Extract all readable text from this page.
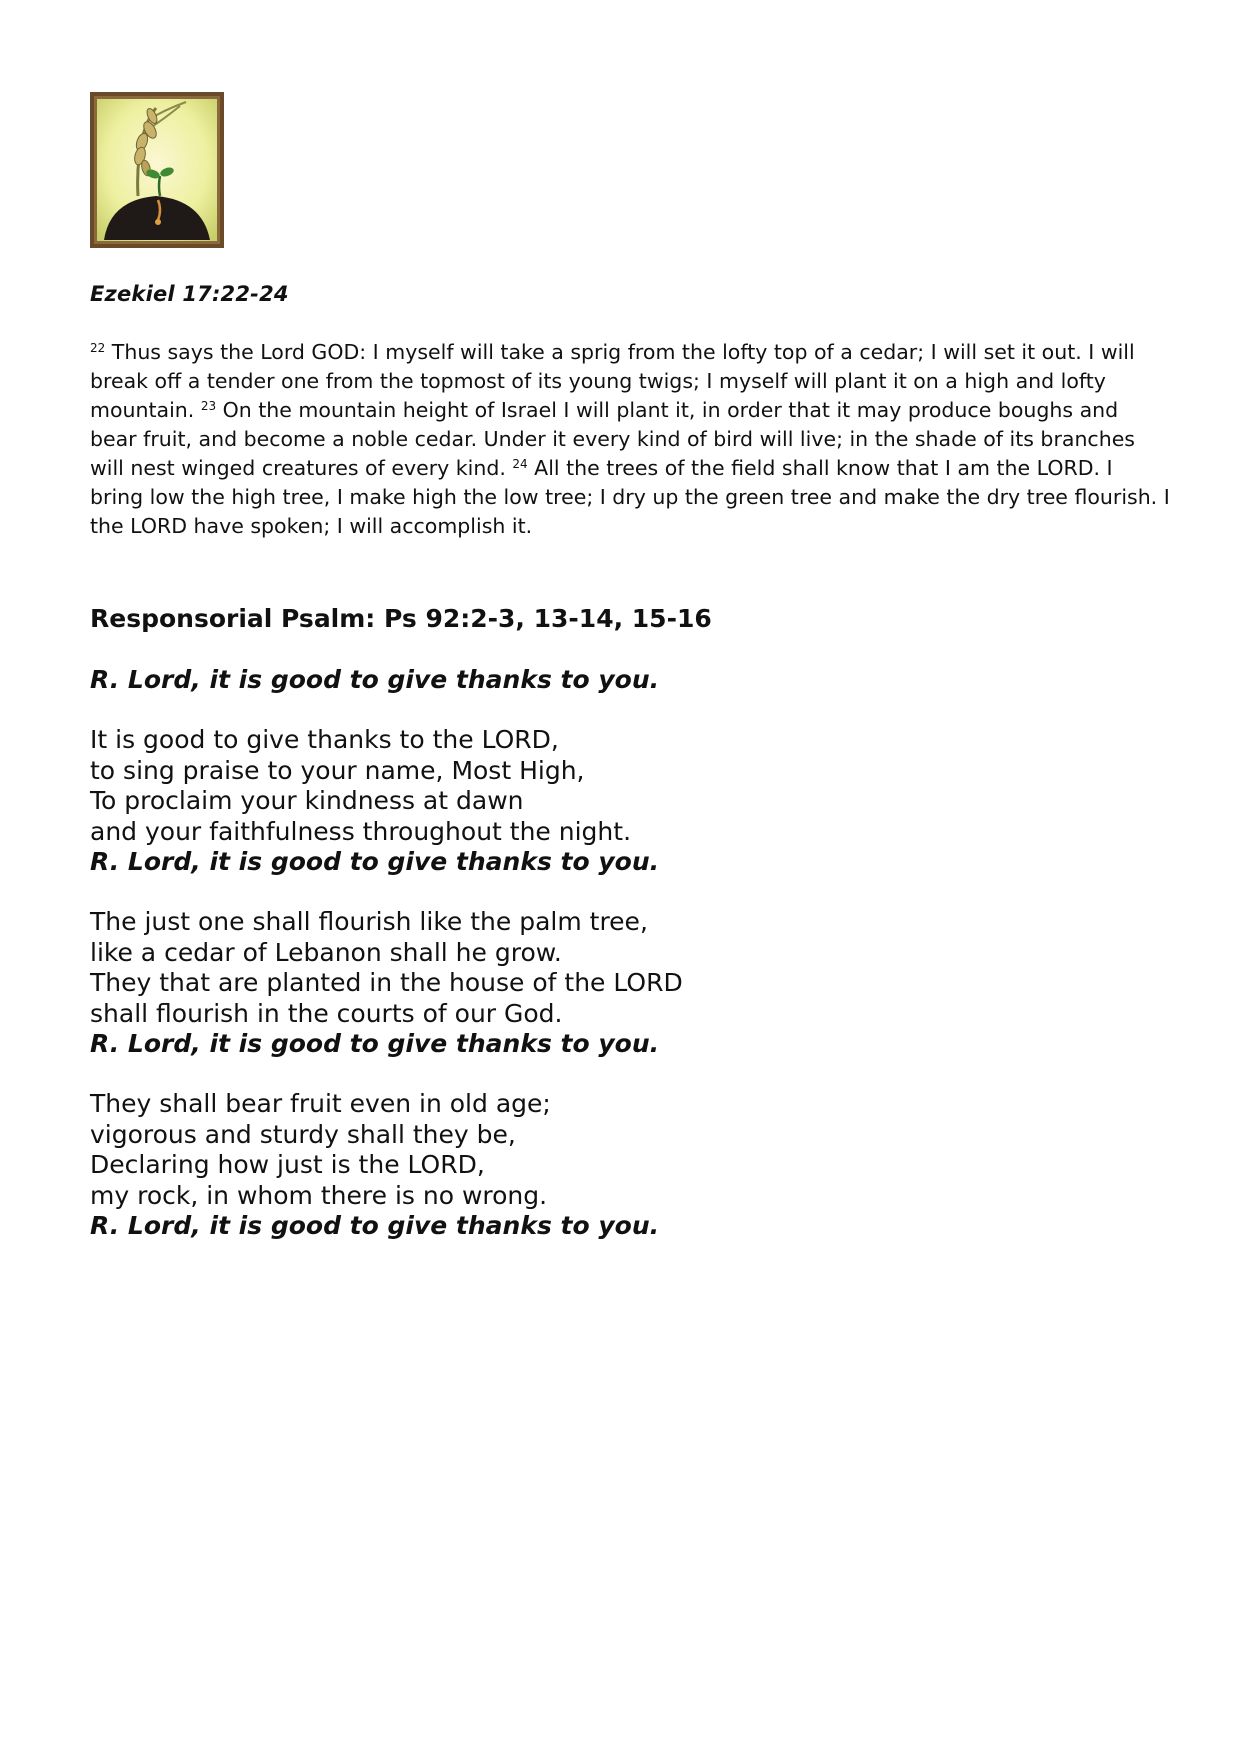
Ezekiel 17:22-24

$^{22}$ Thus says the Lord GOD: I myself will take a sprig from the lofty top of a cedar; I will set it out. I will break off a tender one from the topmost of its young twigs; I myself will plant it on a high and lofty mountain. $^{23}$ On the mountain height of Israel I will plant it, in order that it may produce boughs and bear fruit, and become a noble cedar. Under it every kind of bird will live; in the shade of its branches will nest winged creatures of every kind. $^{24}$ All the trees of the field shall know that I am the LORD. I bring low the high tree, I make high the low tree; I dry up the green tree and make the dry tree flourish. I the LORD have spoken; I will accomplish it.

Responsorial Psalm: Ps 92:2-3, 13-14, 15-16
R. Lord, it is good to give thanks to you.
It is good to give thanks to the LORD,
to sing praise to your name, Most High,
To proclaim your kindness at dawn
and your faithfulness throughout the night.
R. Lord, it is good to give thanks to you.
The just one shall flourish like the palm tree,
like a cedar of Lebanon shall he grow.
They that are planted in the house of the LORD
shall flourish in the courts of our God.
R. Lord, it is good to give thanks to you.
They shall bear fruit even in old age;
vigorous and sturdy shall they be,
Declaring how just is the LORD,
my rock, in whom there is no wrong.
R. Lord, it is good to give thanks to you.
